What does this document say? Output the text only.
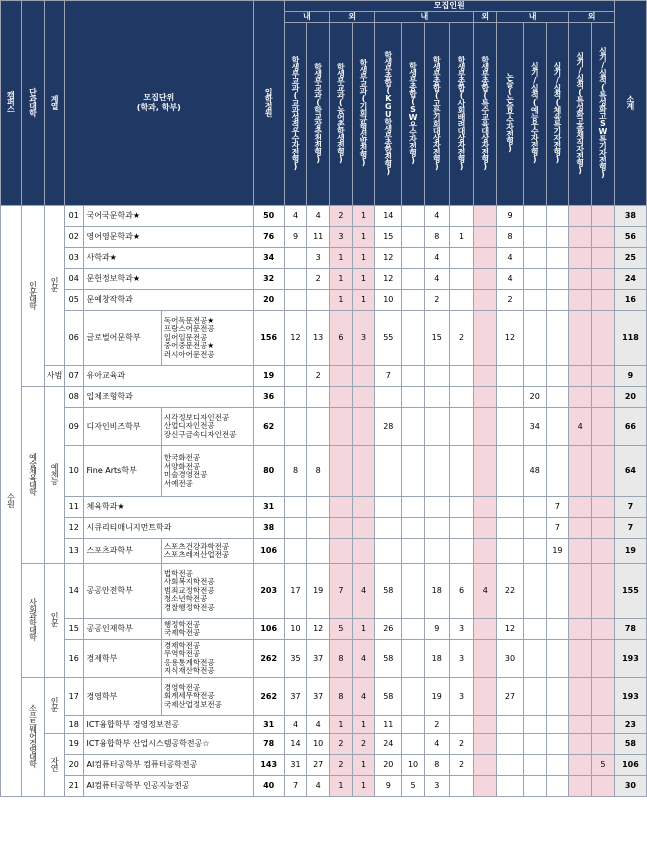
캠퍼스	단과대학	계열	모집단위
(학과, 학부)			입학정원	모집인원														소계
							내		외		내				외	내			외		
							학생부교과(교과성적우수자전형)	학생부교과(학교장추천전형)	학생부교과(농어촌학생전형)	학생부교과(기회균형선발전형)	학생부종합(KGU학생부종합전형)	학생부종합(SW우수자전형)	학생부종합(고른기회대상자전형)	학생부종합(사회배려대상자전형)	학생부종합(특수교육대상자전형)	논술(논술우수자전형)	실기/실적(예능우수자전형)	실기/실적(체육특기자전형)	실기/실적(특성화고졸재직자전형)	실기/실적(특성화고SW특기자전형)	
수원	인문대학	인문	01	국어국문학과★		50	4	4	2	1	14		4			9					38
			02	영어영문학과★		76	9	11	3	1	15		8	1		8					56
			03	사학과★		34		3	1	1	12		4			4					25
			04	문헌정보학과★		32		2	1	1	12		4			4					24
			05	문예창작학과		20			1	1	10		2			2					16
			06	글로벌어문학부	독어독문전공★
프랑스어문전공
일어일문전공
중어중문전공★
러시아어문전공	156	12	13	6	3	55		15	2		12					118
		사범	07	유아교육과		19		2			7										9
	예술체육대학	예체능	08	입체조형학과		36											20				20
			09	디자인비즈학부	시각정보디자인전공
산업디자인전공
장신구금속디자인전공	62					28						34		4		66
			10	Fine Arts학부	한국화전공
서양화전공
미술경영전공
서예전공	80	8	8									48				64
			11	체육학과★		31												7			7
			12	시큐리티매니지먼트학과		38												7			7
			13	스포츠과학부	스포츠건강과학전공
스포츠레저산업전공	106												19			19
	사회과학대학	인문	14	공공안전학부	법학전공
사회복지학전공
범죄교정학전공
청소년학전공
경찰행정학전공	203	17	19	7	4	58		18	6	4	22					155
			15	공공인재학부	행정학전공
국제학전공	106	10	12	5	1	26		9	3		12					78
			16	경제학부	경제학전공
무역학전공
응용통계학전공
지식재산학전공	262	35	37	8	4	58		18	3		30					193
	소프트웨어경영대학	인문	17	경영학부	경영학전공
회계세무학전공
국제산업정보전공	262	37	37	8	4	58		19	3		27					193
			18	ICT융합학부 경영정보전공		31	4	4	1	1	11		2								23
		자연	19	ICT융합학부 산업시스템공학전공☆		78	14	10	2	2	24		4	2							58
			20	AI컴퓨터공학부 컴퓨터공학전공		143	31	27	2	1	20	10	8	2						5	106
			21	AI컴퓨터공학부 인공지능전공		40	7	4	1	1	9	5	3								30
